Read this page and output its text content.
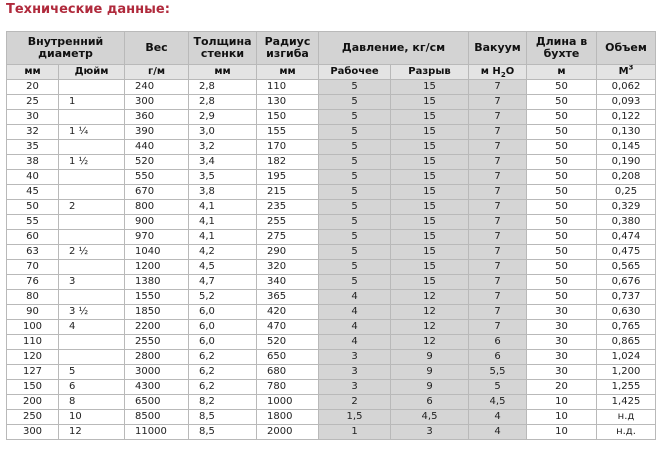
Технические данные:
Внутренний диаметр		Вес	Толщина стенки	Радиус изгиба	Давление, кг/см		Вакуум	Длина в бухте	Объем
мм	Дюйм	г/м	мм	мм	Рабочее	Разрыв	м $H_2O$	м	$М^3$
20		240	2,8	110	5	15	7	50	0,062
25	1	300	2,8	130	5	15	7	50	0,093
30		360	2,9	150	5	15	7	50	0,122
32	1 ¼	390	3,0	155	5	15	7	50	0,130
35		440	3,2	170	5	15	7	50	0,145
38	1 ½	520	3,4	182	5	15	7	50	0,190
40		550	3,5	195	5	15	7	50	0,208
45		670	3,8	215	5	15	7	50	0,25
50	2	800	4,1	235	5	15	7	50	0,329
55		900	4,1	255	5	15	7	50	0,380
60		970	4,1	275	5	15	7	50	0,474
63	2 ½	1040	4,2	290	5	15	7	50	0,475
70		1200	4,5	320	5	15	7	50	0,565
76	3	1380	4,7	340	5	15	7	50	0,676
80		1550	5,2	365	4	12	7	50	0,737
90	3 ½	1850	6,0	420	4	12	7	30	0,630
100	4	2200	6,0	470	4	12	7	30	0,765
110		2550	6,0	520	4	12	6	30	0,865
120		2800	6,2	650	3	9	6	30	1,024
127	5	3000	6,2	680	3	9	5,5	30	1,200
150	6	4300	6,2	780	3	9	5	20	1,255
200	8	6500	8,2	1000	2	6	4,5	10	1,425
250	10	8500	8,5	1800	1,5	4,5	4	10	н.д
300	12	11000	8,5	2000	1	3	4	10	н.д.
